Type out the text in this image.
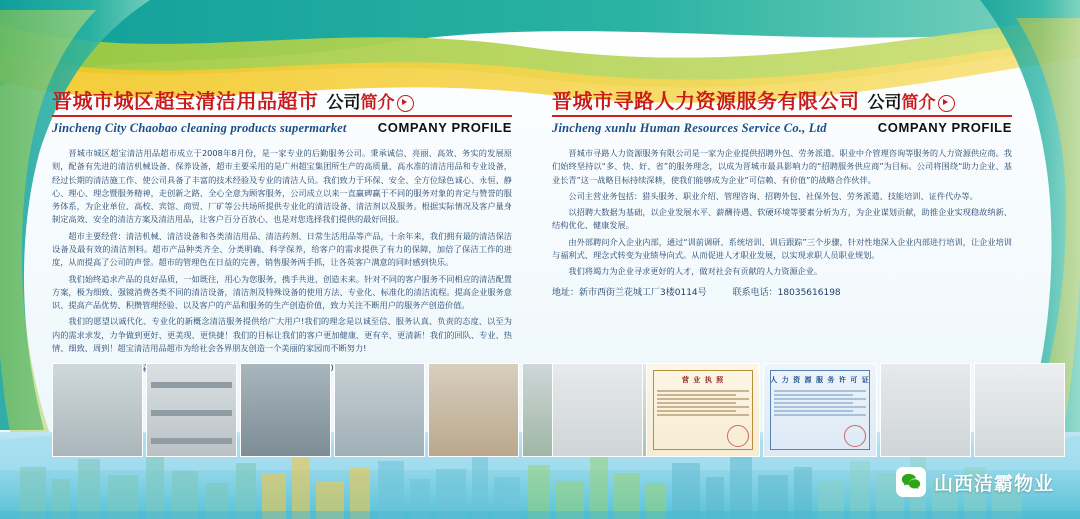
晋城市城区超宝清洁用品超市 公司简介
Jincheng City Chaobao cleaning products supermarket COMPANY PROFILE

晋城市城区超宝清洁用品超市成立于2008年8月份，是一家专业的后勤服务公司。秉承诚信、亮丽、高效、务实的发展原则，配备有先进的清洁机械设备、保养设备，超市主要采用的是广州超宝集团所生产的高质量、高水准的清洁用品和专业设备，经过长期的清洁施工作、使公司具备了丰富的技术经验及专业的清洁人员。我们致力于环保、安全、全方位绿色诚心、永恒、静心、理心、理念暨服务精神，走创新之路、全心全意为顾客服务，公司成立以来一直赢碑赢于不同的服务对象的肯定与赞誉的服务体系，为企业单位、高校、宾馆、商贸、厂矿等公共场所提供专业化的清洁设备、清洁剂以及服务。根据实际情况及客户量身制定高效、安全的清洁方案及清洁用品，让客户百分百放心、也是对您选择我们提供的最好回报。

超市主要经营：清洁机械、清洁设备和各类清洁用品、清洁药剂、日常生活用品等产品，十余年来，我们拥有最的清洁保洁设备及最有效的清洁剂料。超市产品种类齐全、分类明确、科学保养，给客户的需求提供了有力的保障，加倍了保洁工作的进度，从而提高了公司的声誉。超市的管理色在日益的完善，销售服务两手抓，让各英客户满意的同时感到快乐。

我们始终追求产品的良好品质，一如既往，用心为您服务，携手共进，创造未来。针对不同的客户服务不同相应的清洁配置方案，极为细致、强镜消费各类不同的清洁设备，清洁剂及特殊设备的使用方法、专业化、标准化的清洁流程。提高企业服务意识、提高产品优势、积攒管理经验、以及客户的产品和服务的生产创造价值，致力关注不断用户的服务产创造价值。

我们的愿望以诚代化、专业化的新概念清洁服务提供给广大用户!我们的理念是以诚至信、服务认真、负责的态度、以至为内的需求求发，力争做到更好、更美现、更快捷！我们的目标让我们的客户更加健康、更有辛、更清新！我们的回队、专业、热情、细致、周到！超宝清洁用品超市为给社会各界朋友创造一个美丽的家园而不断努力!

晋城市寻路人力资源服务有限公司 公司简介
Jincheng xunlu Human Resources Service Co., Ltd	COMPANY PROFILE

晋城市寻路人力资源服务有限公司是一家为企业提供招聘外包、劳务派遣、职业中介管理咨询等服务的人力资源供应商。我们始终坚持以“多、快、好、省”的服务理念，以成为晋城市最具影响力的“招聘服务供应商”为目标。公司将围绕“助力企业、基业长青”这一战略目标持续深耕，使我们能够成为企业“可信赖、有价值”的战略合作伙伴。

公司主营业务包括：猎头服务、职业介绍、管理咨询、招聘外包、社保外包、劳务派遣、技能培训、证件代办等。

以招聘大数据为基础，以企业发展水平、薪酬待遇、软硬环境等要素分析为方，为企业谋划贡献，助推企业实现稳故纳新、结构优化、健康发展。

由外部聘问介入企业内部，通过“训前调研、系统培训、训后跟踪”三个步骤，针对性地深入企业内部进行培训，让企业培训与福利式、理念式转变为业绩导向式。从而促进人才职业发展，以实现求职人员职业规划。

我们将竭力为企业寻求更好的人才，做对社会有贡献的人力资源企业。

地址：新市西街兰花城工厂3楼0114号	联系电话：18035616198
营 业 执 照	人 力 资 源 服 务 许 可 证
山西洁霸物业
